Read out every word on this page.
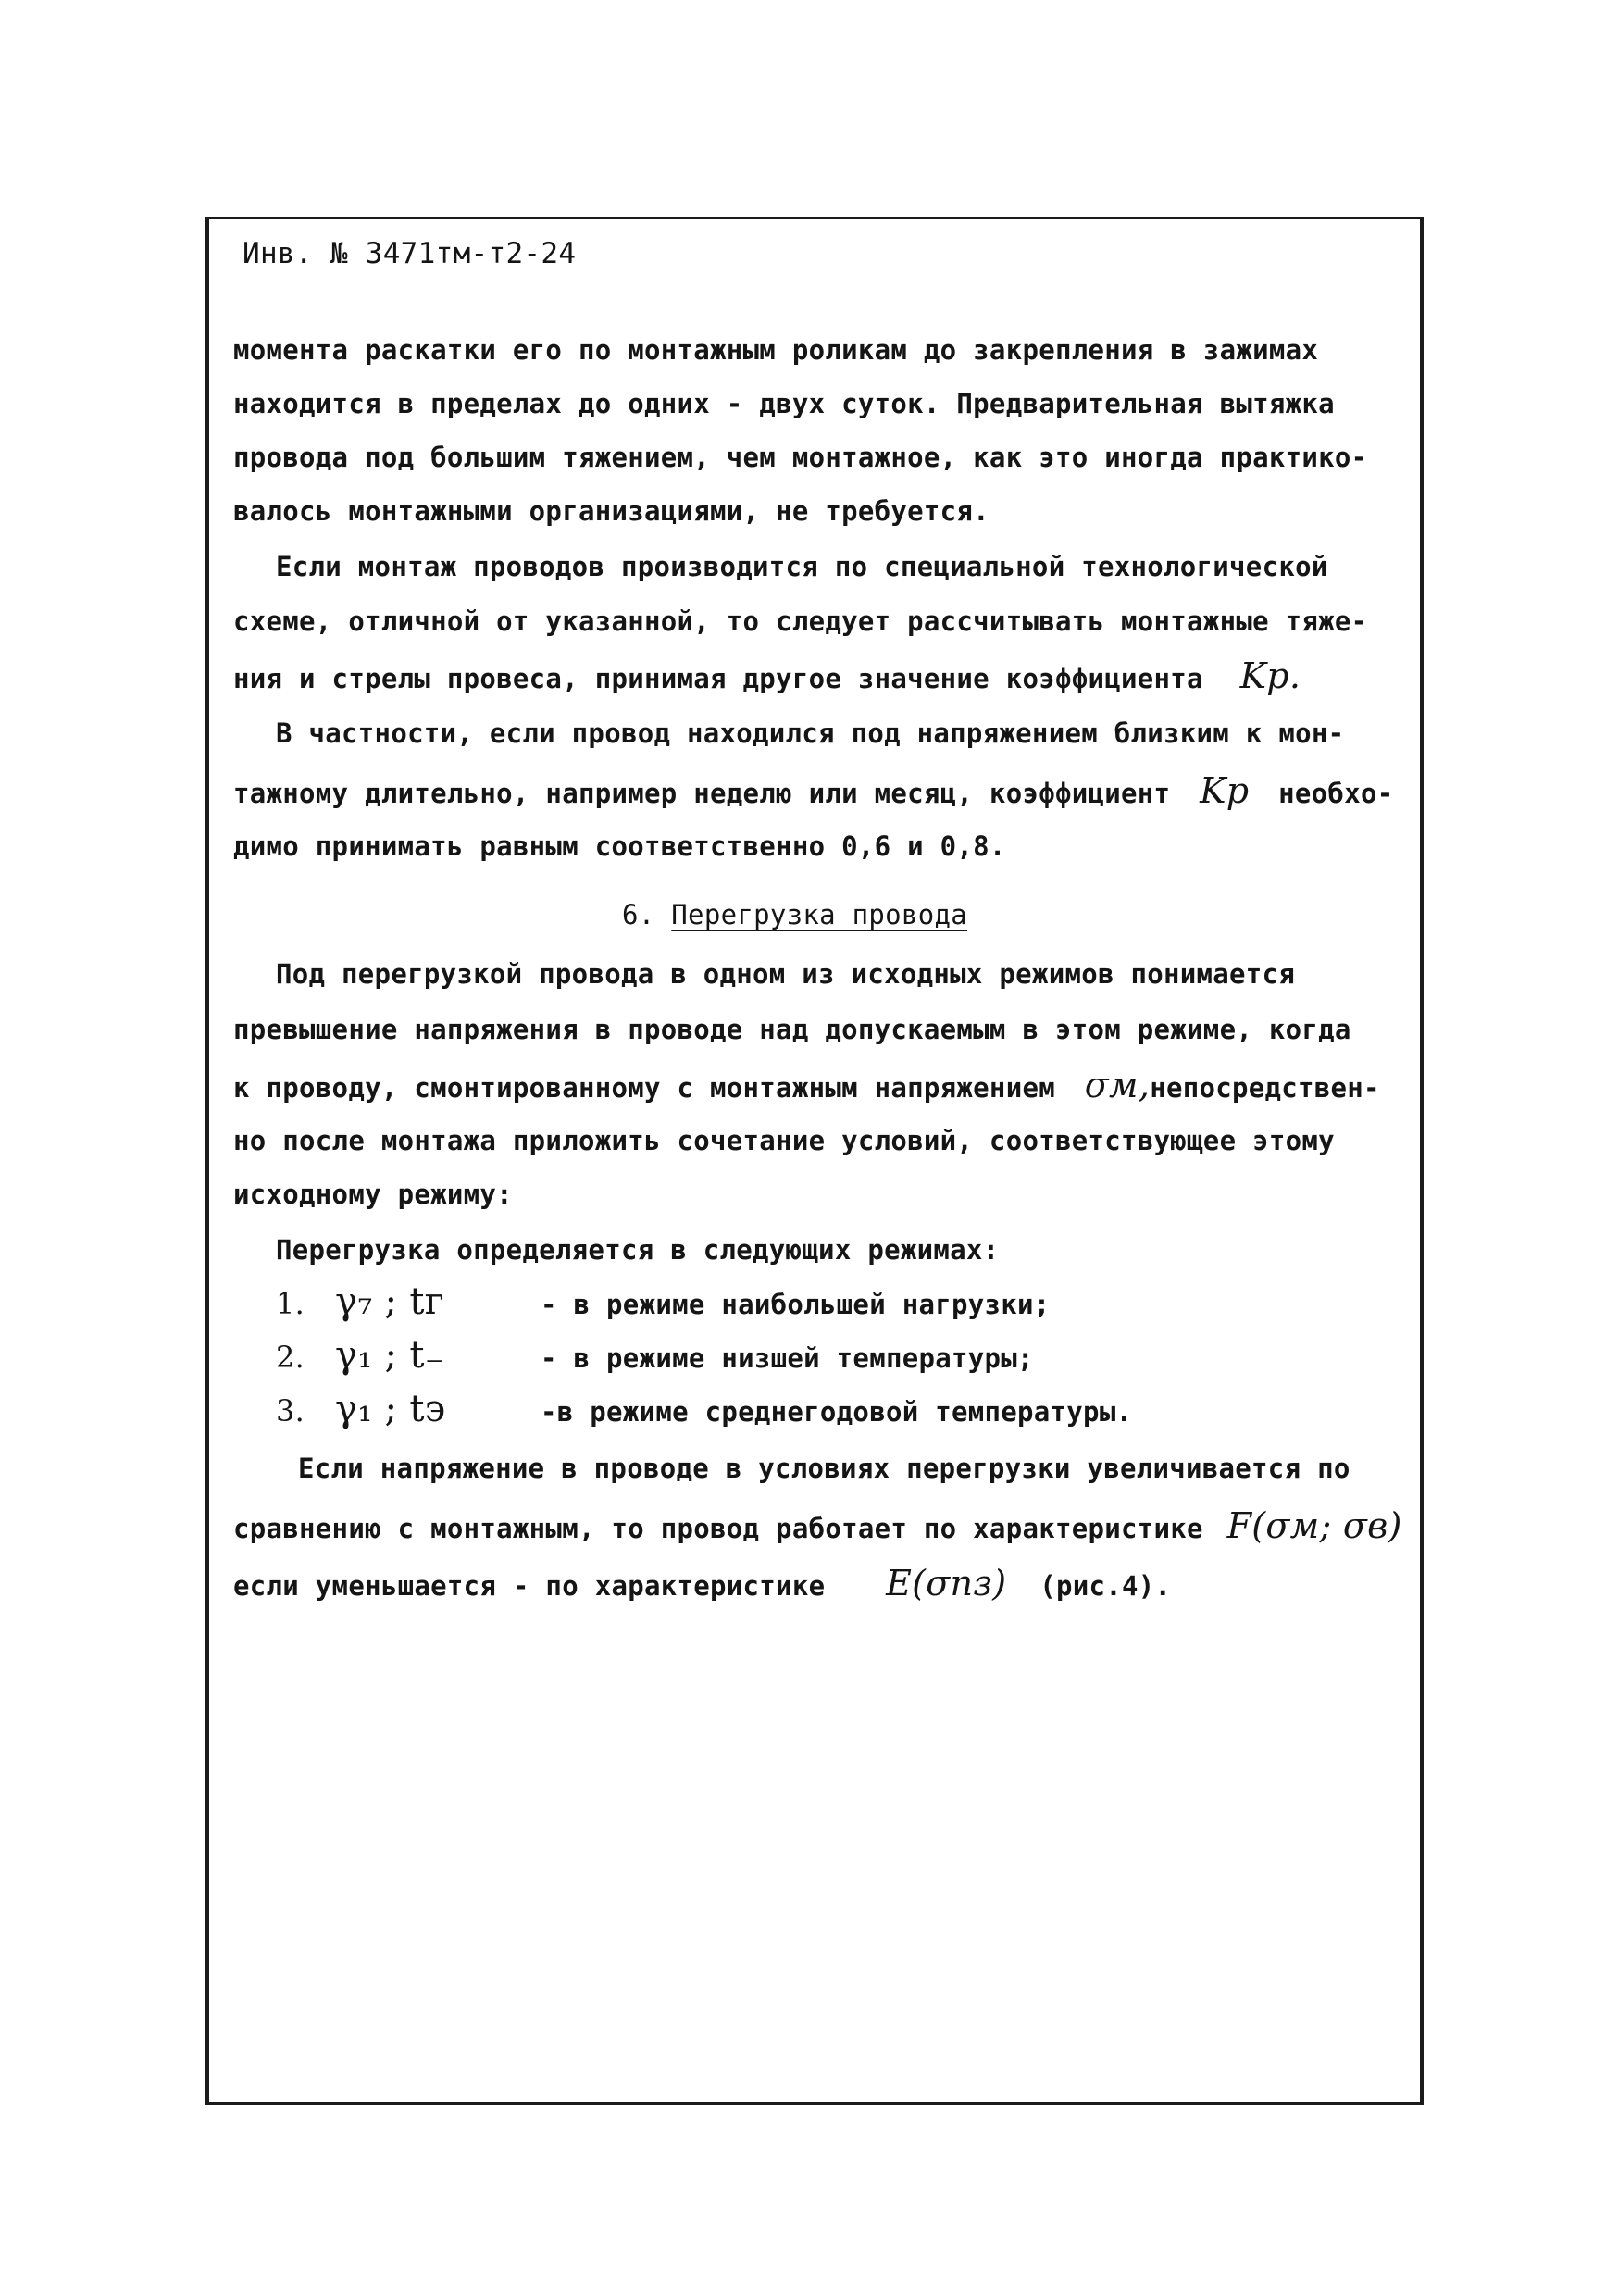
Инв. № 3471тм-т2-24
момента раскатки его по монтажным роликам до закрепления в зажимах
находится в пределах до одних - двух суток. Предварительная вытяжка
провода под большим тяжением, чем монтажное, как это иногда практико-
валось монтажными организациями, не требуется.
Если монтаж проводов производится по специальной технологической
схеме, отличной от указанной, то следует рассчитывать монтажные тяже-
ния и стрелы провеса, принимая другое значение коэффициента Kр.
В частности, если провод находился под напряжением близким к мон-
тажному длительно, например неделю или месяц, коэффициент Kр необхо-
димо принимать равным соответственно 0,6 и 0,8.
6. Перегрузка провода
Под перегрузкой провода в одном из исходных режимов понимается
превышение напряжения в проводе над допускаемым в этом режиме, когда
к проводу, смонтированному с монтажным напряжением σм,непосредствен-
но после монтажа приложить сочетание условий, соответствующее этому
исходному режиму:
Перегрузка определяется в следующих режимах:
1. γ₇ ; tг	- в режиме наибольшей нагрузки;
2. γ₁ ; t₋	- в режиме низшей температуры;
3. γ₁ ; tэ	-в режиме среднегодовой температуры.
Если напряжение в проводе в условиях перегрузки увеличивается по
сравнению с монтажным, то провод работает по характеристике F(σм; σв)
если уменьшается - по характеристике E(σпз) (рис.4).
